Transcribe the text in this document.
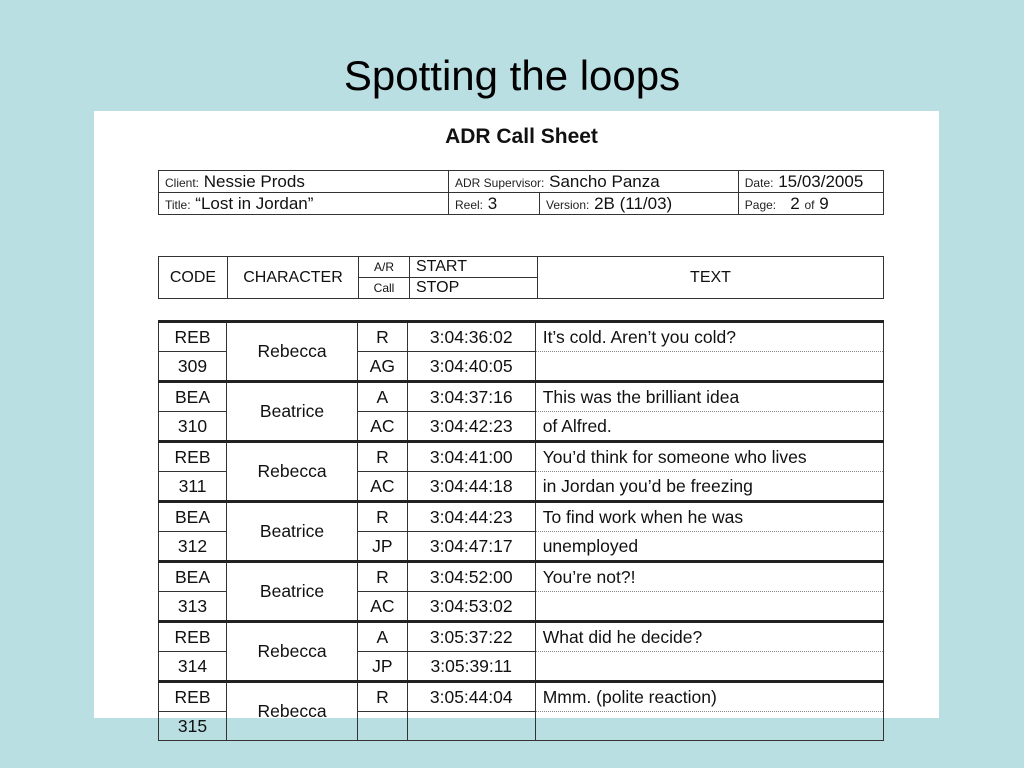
Spotting the loops
ADR Call Sheet
Client: Nessie Prods	ADR Supervisor: Sancho Panza		Date: 15/03/2005
Title: “Lost in Jordan”	Reel: 3	Version: 2B (11/03)	Page: 2 of 9
CODE	CHARACTER	A/R	START	TEXT
		Call	STOP	
REB	Rebecca	R	3:04:36:02	It’s cold. Aren’t you cold?
309		AG	3:04:40:05	
BEA	Beatrice	A	3:04:37:16	This was the brilliant idea
310		AC	3:04:42:23	of Alfred.
REB	Rebecca	R	3:04:41:00	You’d think for someone who lives
311		AC	3:04:44:18	in Jordan you’d be freezing
BEA	Beatrice	R	3:04:44:23	To find work when he was
312		JP	3:04:47:17	unemployed
BEA	Beatrice	R	3:04:52:00	You’re not?!
313		AC	3:04:53:02	
REB	Rebecca	A	3:05:37:22	What did he decide?
314		JP	3:05:39:11	
REB	Rebecca	R	3:05:44:04	Mmm. (polite reaction)
315				
